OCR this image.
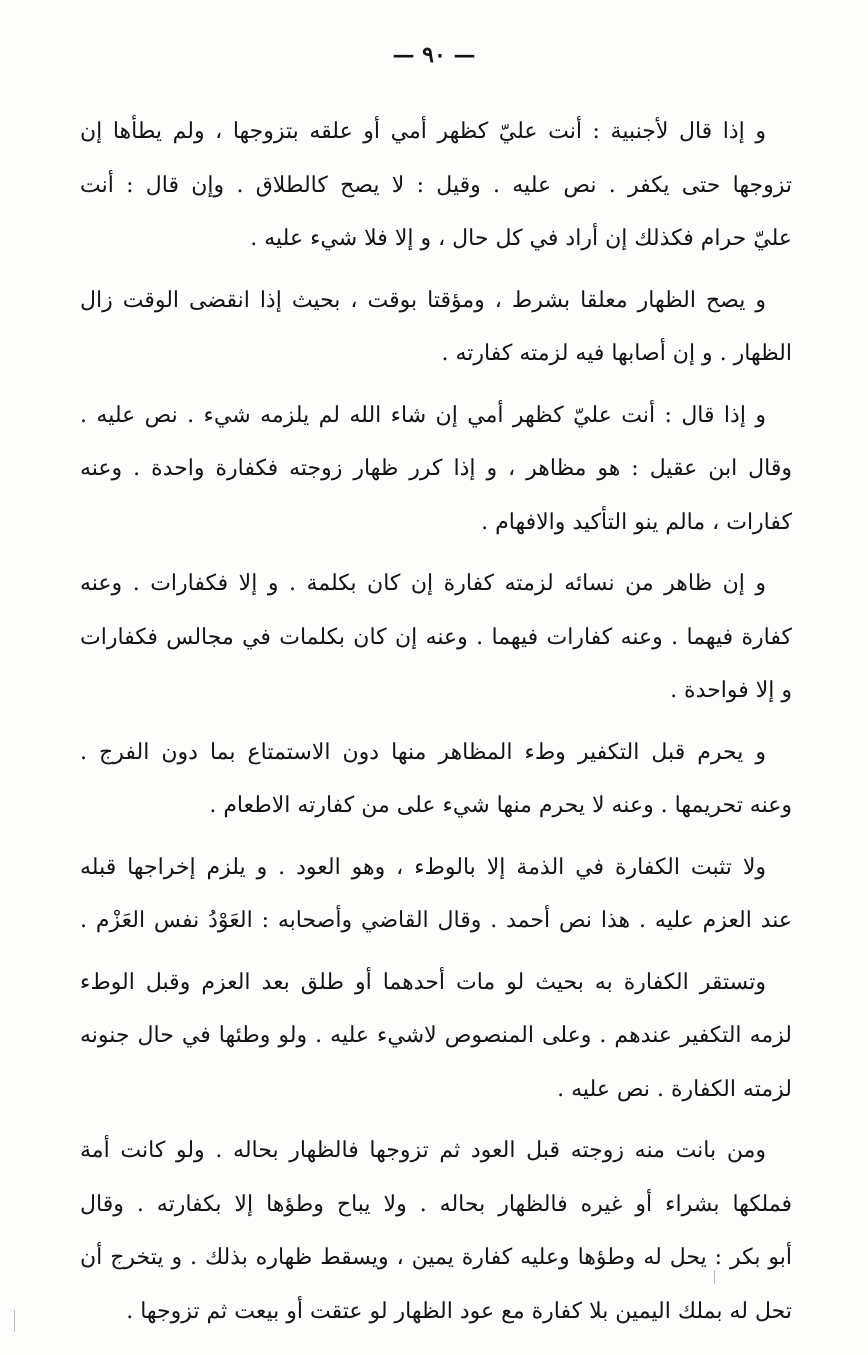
— ٩٠ —
و إذا قال لأجنبية : أنت عليّ كظهر أمي أو علقه بتزوجها ، ولم يطأها إن
تزوجها حتى يكفر . نص عليه . وقيل : لا يصح كالطلاق . وإن قال : أنت
عليّ حرام فكذلك إن أراد في كل حال ، و إلا فلا شيء عليه .
و يصح الظهار معلقا بشرط ، ومؤقتا بوقت ، بحيث إذا انقضى الوقت زال
الظهار . و إن أصابها فيه لزمته كفارته .
و إذا قال : أنت عليّ كظهر أمي إن شاء الله لم يلزمه شيء . نص عليه .
وقال ابن عقيل : هو مظاهر ، و إذا كرر ظهار زوجته فكفارة واحدة . وعنه
كفارات ، مالم ينو التأكيد والافهام .
و إن ظاهر من نسائه لزمته كفارة إن كان بكلمة . و إلا فكفارات . وعنه
كفارة فيهما . وعنه كفارات فيهما . وعنه إن كان بكلمات في مجالس فكفارات
و إلا فواحدة .
و يحرم قبل التكفير وطء المظاهر منها دون الاستمتاع بما دون الفرج .
وعنه تحريمها . وعنه لا يحرم منها شيء على من كفارته الاطعام .
ولا تثبت الكفارة في الذمة إلا بالوطء ، وهو العود . و يلزم إخراجها قبله
عند العزم عليه . هذا نص أحمد . وقال القاضي وأصحابه : العَوْدُ نفس العَزْم .
وتستقر الكفارة به بحيث لو مات أحدهما أو طلق بعد العزم وقبل الوطء
لزمه التكفير عندهم . وعلى المنصوص لاشيء عليه . ولو وطئها في حال جنونه
لزمته الكفارة . نص عليه .
ومن بانت منه زوجته قبل العود ثم تزوجها فالظهار بحاله . ولو كانت أمة
فملكها بشراء أو غيره فالظهار بحاله . ولا يباح وطؤها إلا بكفارته . وقال
أبو بكر : يحل له وطؤها وعليه كفارة يمين ، ويسقط ظهاره بذلك . و يتخرج أن
تحل له بملك اليمين بلا كفارة مع عود الظهار لو عتقت أو بيعت ثم تزوجها .
